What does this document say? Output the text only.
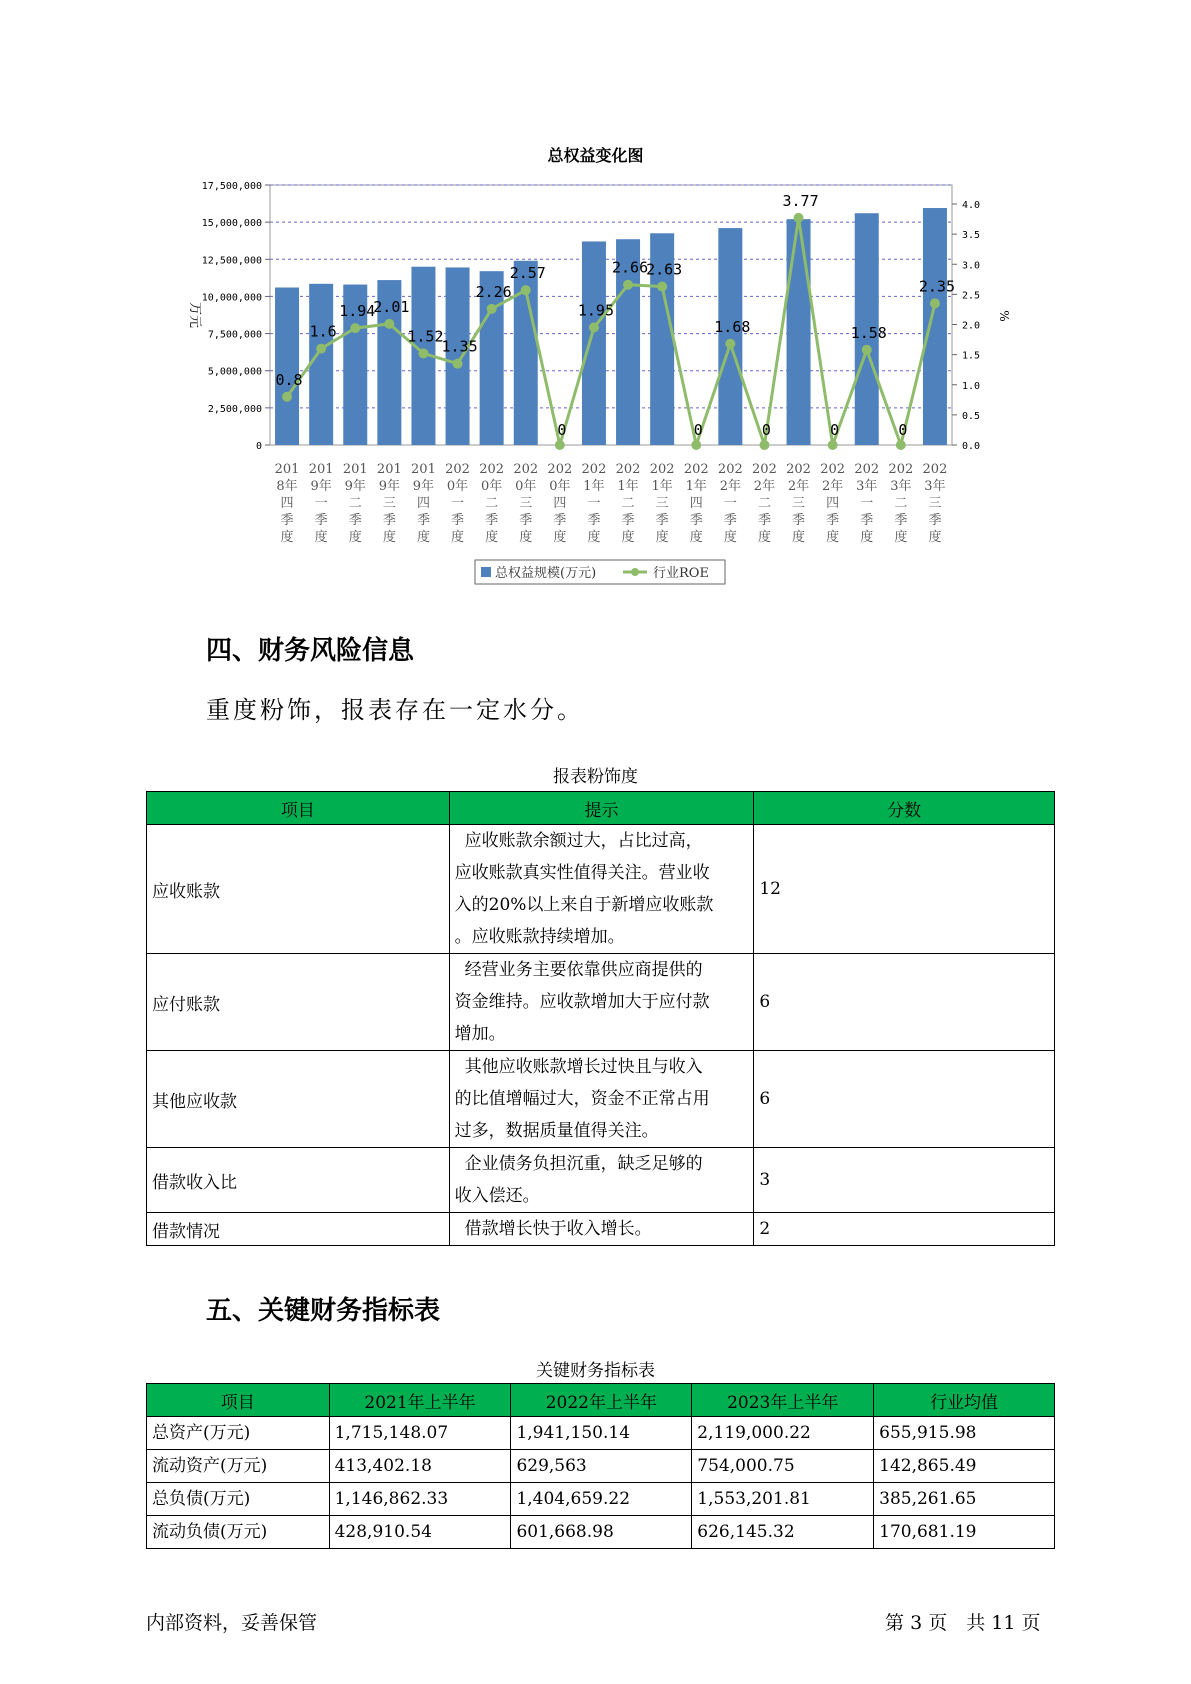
总权益变化图
0
2,500,000
5,000,000
7,500,000
10,000,000
12,500,000
15,000,000
17,500,000
0.0
0.5
1.0
1.5
2.0
2.5
3.0
3.5
4.0
万元	%
201
8年
四
季
度
201
9年
一
季
度
201
9年
二
季
度
201
9年
三
季
度
201
9年
四
季
度
202
0年
一
季
度
202
0年
二
季
度
202
0年
三
季
度
202
0年
四
季
度
202
1年
一
季
度
202
1年
二
季
度
202
1年
三
季
度
202
1年
四
季
度
202
2年
一
季
度
202
2年
二
季
度
202
2年
三
季
度
202
2年
四
季
度
202
3年
一
季
度
202
3年
二
季
度
202
3年
三
季
度
0.8
1.6
1.94
2.01
1.52
1.35
2.26
2.57
0
1.95
2.66
2.63
0
1.68
0
3.77
0
1.58
0
2.35
总权益规模(万元)	行业ROE
四、财务风险信息
重度粉饰，报表存在一定水分。
报表粉饰度
项目	提示	分数
应收账款	应收账款余额过大，占比过高，
应收账款真实性值得关注。营业收
入的20%以上来自于新增应收账款
。应收账款持续增加。	12
应付账款	经营业务主要依靠供应商提供的
资金维持。应收款增加大于应付款
增加。	6
其他应收款	其他应收账款增长过快且与收入
的比值增幅过大，资金不正常占用
过多，数据质量值得关注。	6
借款收入比	企业债务负担沉重，缺乏足够的
收入偿还。	3
借款情况	借款增长快于收入增长。	2
五、关键财务指标表
关键财务指标表
项目	2021年上半年	2022年上半年	2023年上半年	行业均值
总资产(万元)	1,715,148.07	1,941,150.14	2,119,000.22	655,915.98
流动资产(万元)	413,402.18	629,563	754,000.75	142,865.49
总负债(万元)	1,146,862.33	1,404,659.22	1,553,201.81	385,261.65
流动负债(万元)	428,910.54	601,668.98	626,145.32	170,681.19
内部资料，妥善保管	第 3 页　共 11 页
